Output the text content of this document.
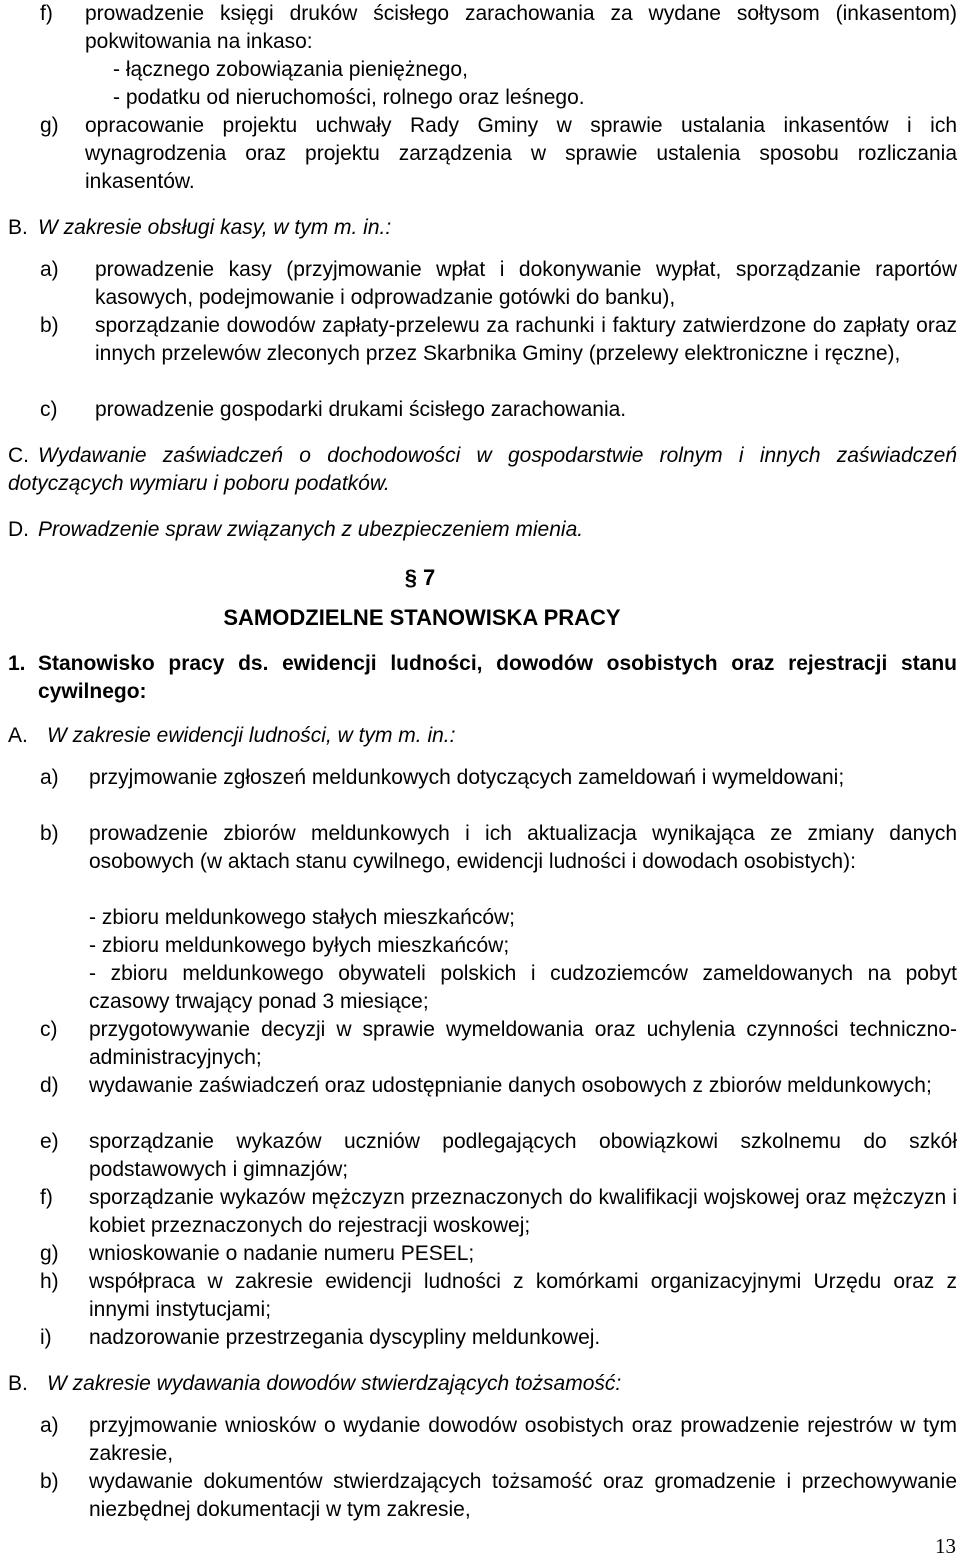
f) prowadzenie księgi druków ścisłego zarachowania za wydane sołtysom (inkasentom) pokwitowania na inkaso:
- łącznego zobowiązania pieniężnego,
- podatku od nieruchomości, rolnego oraz leśnego.
g) opracowanie projektu uchwały Rady Gminy w sprawie ustalania inkasentów i ich wynagrodzenia oraz projektu zarządzenia w sprawie ustalenia sposobu rozliczania inkasentów.
B. W zakresie obsługi kasy, w tym m. in.:
a) prowadzenie kasy (przyjmowanie wpłat i dokonywanie wypłat, sporządzanie raportów kasowych, podejmowanie i odprowadzanie gotówki do banku),
b) sporządzanie dowodów zapłaty-przelewu za rachunki i faktury zatwierdzone do zapłaty oraz innych przelewów zleconych przez Skarbnika Gminy (przelewy elektroniczne i ręczne),
c) prowadzenie gospodarki drukami ścisłego zarachowania.
C. Wydawanie zaświadczeń o dochodowości w gospodarstwie rolnym i innych zaświadczeń dotyczących wymiaru i poboru podatków.
D. Prowadzenie spraw związanych z ubezpieczeniem mienia.
§ 7
SAMODZIELNE STANOWISKA PRACY
1. Stanowisko pracy ds. ewidencji ludności, dowodów osobistych oraz rejestracji stanu cywilnego:
A. W zakresie ewidencji ludności, w tym m. in.:
a) przyjmowanie zgłoszeń meldunkowych dotyczących zameldowań i wymeldowani;
b) prowadzenie zbiorów meldunkowych i ich aktualizacja wynikająca ze zmiany danych osobowych (w aktach stanu cywilnego, ewidencji ludności i dowodach osobistych):
- zbioru meldunkowego stałych mieszkańców;
- zbioru meldunkowego byłych mieszkańców;
- zbioru meldunkowego obywateli polskich i cudzoziemców zameldowanych na pobyt czasowy trwający ponad 3 miesiące;
c) przygotowywanie decyzji w sprawie wymeldowania oraz uchylenia czynności techniczno-administracyjnych;
d) wydawanie zaświadczeń oraz udostępnianie danych osobowych z zbiorów meldunkowych;
e) sporządzanie wykazów uczniów podlegających obowiązkowi szkolnemu do szkół podstawowych i gimnazjów;
f) sporządzanie wykazów mężczyzn przeznaczonych do kwalifikacji wojskowej oraz mężczyzn i kobiet przeznaczonych do rejestracji woskowej;
g) wnioskowanie o nadanie numeru PESEL;
h) współpraca w zakresie ewidencji ludności z komórkami organizacyjnymi Urzędu oraz z innymi instytucjami;
i) nadzorowanie przestrzegania dyscypliny meldunkowej.
B. W zakresie wydawania dowodów stwierdzających tożsamość:
a) przyjmowanie wniosków o wydanie dowodów osobistych oraz prowadzenie rejestrów w tym zakresie,
b) wydawanie dokumentów stwierdzających tożsamość oraz gromadzenie i przechowywanie niezbędnej dokumentacji w tym zakresie,
13
